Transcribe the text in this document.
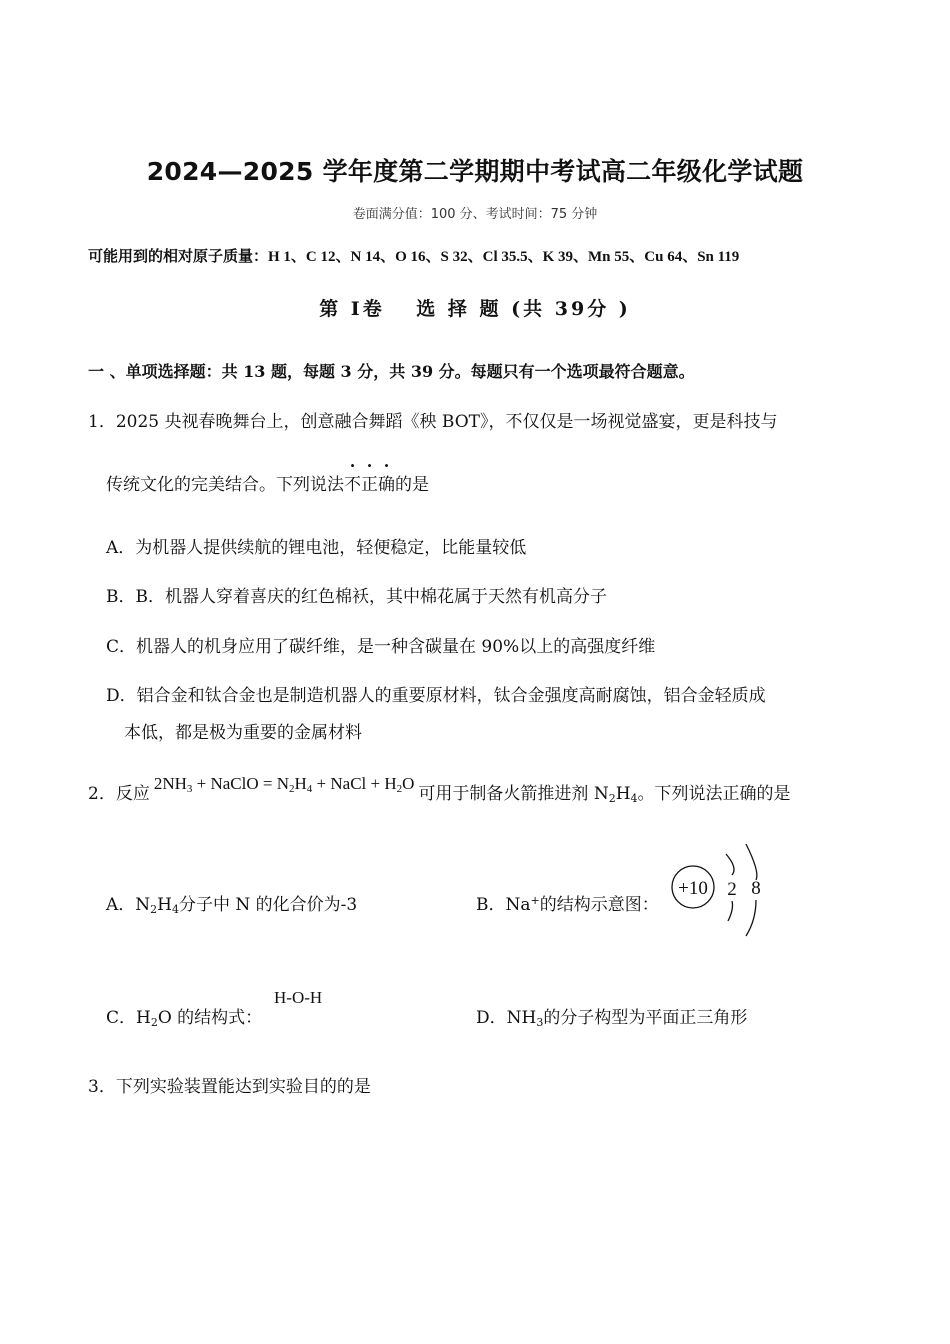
2024—2025 学年度第二学期期中考试高二年级化学试题
卷面满分值：100 分、考试时间：75 分钟
可能用到的相对原子质量：H 1、C 12、N 14、O 16、S 32、Cl 35.5、K 39、Mn 55、Cu 64、Sn 119
第 I卷　 选 择 题 (共 39分 )
一 、单项选择题：共 13 题，每题 3 分，共 39 分。每题只有一个选项最符合题意。
1．2025 央视春晚舞台上，创意融合舞蹈《秧 BOT》，不仅仅是一场视觉盛宴，更是科技与
传统文化的完美结合。下列说法不正确的是
A．为机器人提供续航的锂电池，轻便稳定，比能量较低
B．B．机器人穿着喜庆的红色棉袄，其中棉花属于天然有机高分子
C．机器人的机身应用了碳纤维，是一种含碳量在 90%以上的高强度纤维
D．铝合金和钛合金也是制造机器人的重要原材料，钛合金强度高耐腐蚀，铝合金轻质成
本低，都是极为重要的金属材料
2．反应$2NH_3$ + NaClO = $N_2H_4$ + NaCl + $H_2O$可用于制备火箭推进剂 $N_2H_4$。下列说法正确的是
A．$N_2H_4$分子中 N 的化合价为-3	B．Na+的结构示意图：
+10 2 8
C．$H_2O$ 的结构式：
H-O-H
D．$NH_3$的分子构型为平面正三角形
3．下列实验装置能达到实验目的的是
